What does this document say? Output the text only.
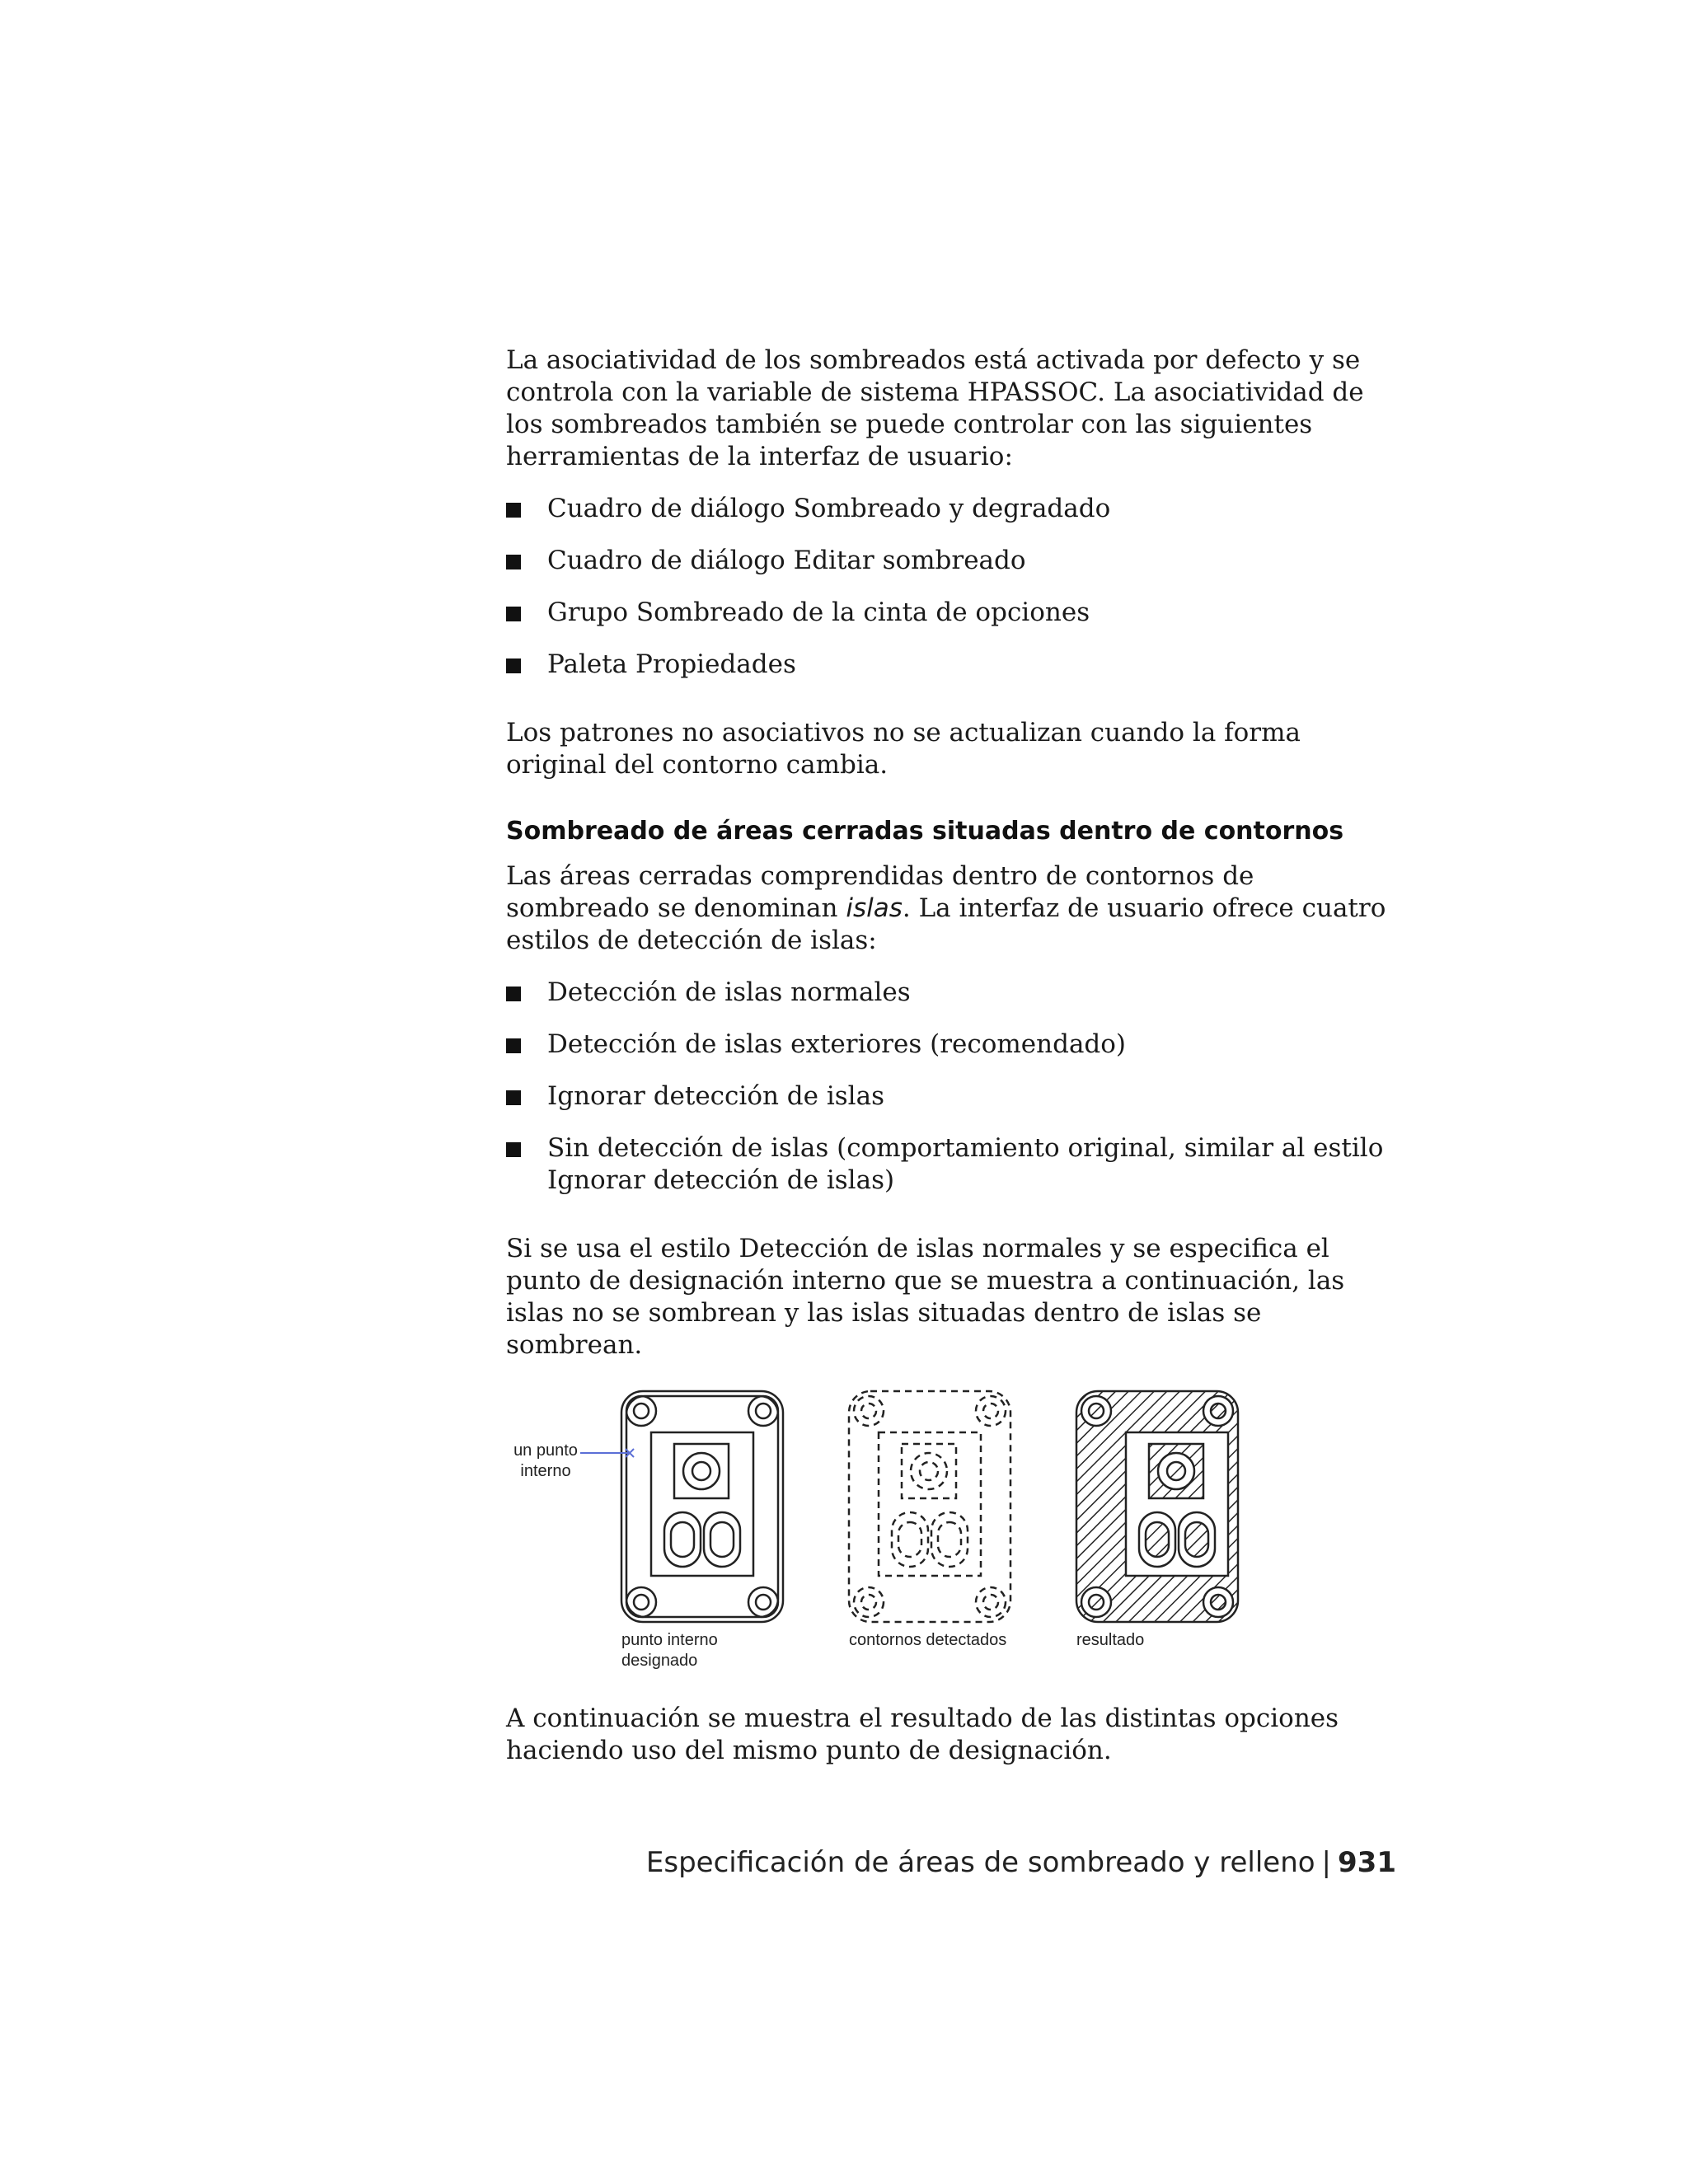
La asociatividad de los sombreados está activada por defecto y se controla con la variable de sistema HPASSOC. La asociatividad de los sombreados también se puede controlar con las siguientes herramientas de la interfaz de usuario:

Cuadro de diálogo Sombreado y degradado
Cuadro de diálogo Editar sombreado
Grupo Sombreado de la cinta de opciones
Paleta Propiedades

Los patrones no asociativos no se actualizan cuando la forma original del contorno cambia.

Sombreado de áreas cerradas situadas dentro de contornos

Las áreas cerradas comprendidas dentro de contornos de sombreado se denominan islas. La interfaz de usuario ofrece cuatro estilos de detección de islas:

Detección de islas normales
Detección de islas exteriores (recomendado)
Ignorar detección de islas
Sin detección de islas (comportamiento original, similar al estilo Ignorar detección de islas)

Si se usa el estilo Detección de islas normales y se especifica el punto de designación interno que se muestra a continuación, las islas no se sombrean y las islas situadas dentro de islas se sombrean.

un punto
interno
punto interno
designado
contornos detectados	resultado

A continuación se muestra el resultado de las distintas opciones haciendo uso del mismo punto de designación.

Especificación de áreas de sombreado y relleno | 931
